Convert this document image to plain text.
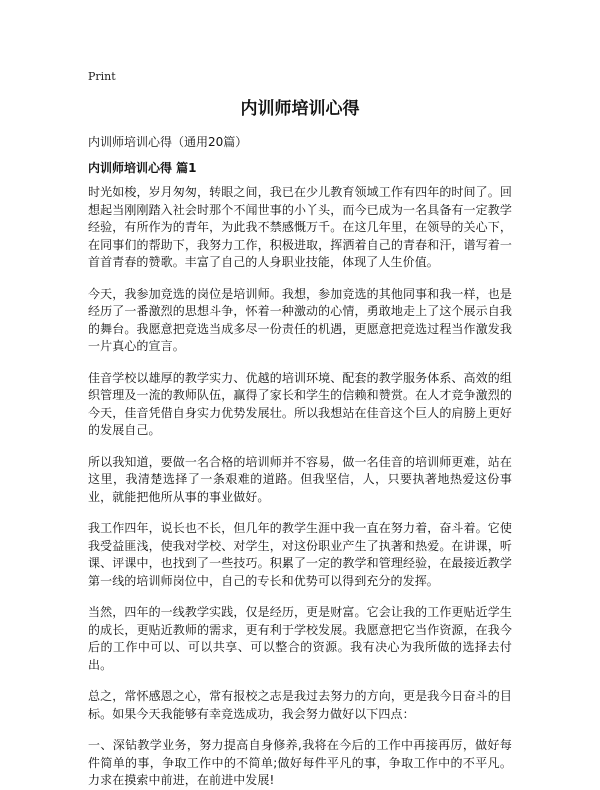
Print
内训师培训心得
内训师培训心得（通用20篇）
内训师培训心得 篇1

时光如梭，岁月匆匆，转眼之间，我已在少儿教育领域工作有四年的时间了。回想起当刚刚踏入社会时那个不闻世事的小丫头，而今已成为一名具备有一定教学经验，有所作为的青年，为此我不禁感慨万千。在这几年里，在领导的关心下，在同事们的帮助下，我努力工作，积极进取，挥洒着自己的青春和汗，谱写着一首首青春的赞歌。丰富了自己的人身职业技能，体现了人生价值。

今天，我参加竞选的岗位是培训师。我想，参加竞选的其他同事和我一样，也是经历了一番激烈的思想斗争，怀着一种激动的心情，勇敢地走上了这个展示自我的舞台。我愿意把竞选当成多尽一份责任的机遇，更愿意把竞选过程当作激发我一片真心的宣言。

佳音学校以雄厚的教学实力、优越的培训环境、配套的教学服务体系、高效的组织管理及一流的教师队伍，赢得了家长和学生的信赖和赞赏。在人才竞争激烈的今天，佳音凭借自身实力优势发展壮。所以我想站在佳音这个巨人的肩膀上更好的发展自己。

所以我知道，要做一名合格的培训师并不容易，做一名佳音的培训师更难，站在这里，我清楚选择了一条艰难的道路。但我坚信，人，只要执著地热爱这份事业，就能把他所从事的事业做好。

我工作四年，说长也不长，但几年的教学生涯中我一直在努力着，奋斗着。它使我受益匪浅，使我对学校、对学生，对这份职业产生了执著和热爱。在讲课，听课、评课中，也找到了一些技巧。积累了一定的教学和管理经验，在最接近教学第一线的培训师岗位中，自己的专长和优势可以得到充分的发挥。

当然，四年的一线教学实践，仅是经历，更是财富。它会让我的工作更贴近学生的成长，更贴近教师的需求，更有利于学校发展。我愿意把它当作资源，在我今后的工作中可以、可以共享、可以整合的资源。我有决心为我所做的选择去付出。

总之，常怀感恩之心，常有报校之志是我过去努力的方向，更是我今日奋斗的目标。如果今天我能够有幸竞选成功，我会努力做好以下四点：

一、深钻教学业务，努力提高自身修养,我将在今后的工作中再接再厉，做好每件简单的事，争取工作中的不简单;做好每件平凡的事，争取工作中的不平凡。力求在摸索中前进，在前进中发展!
